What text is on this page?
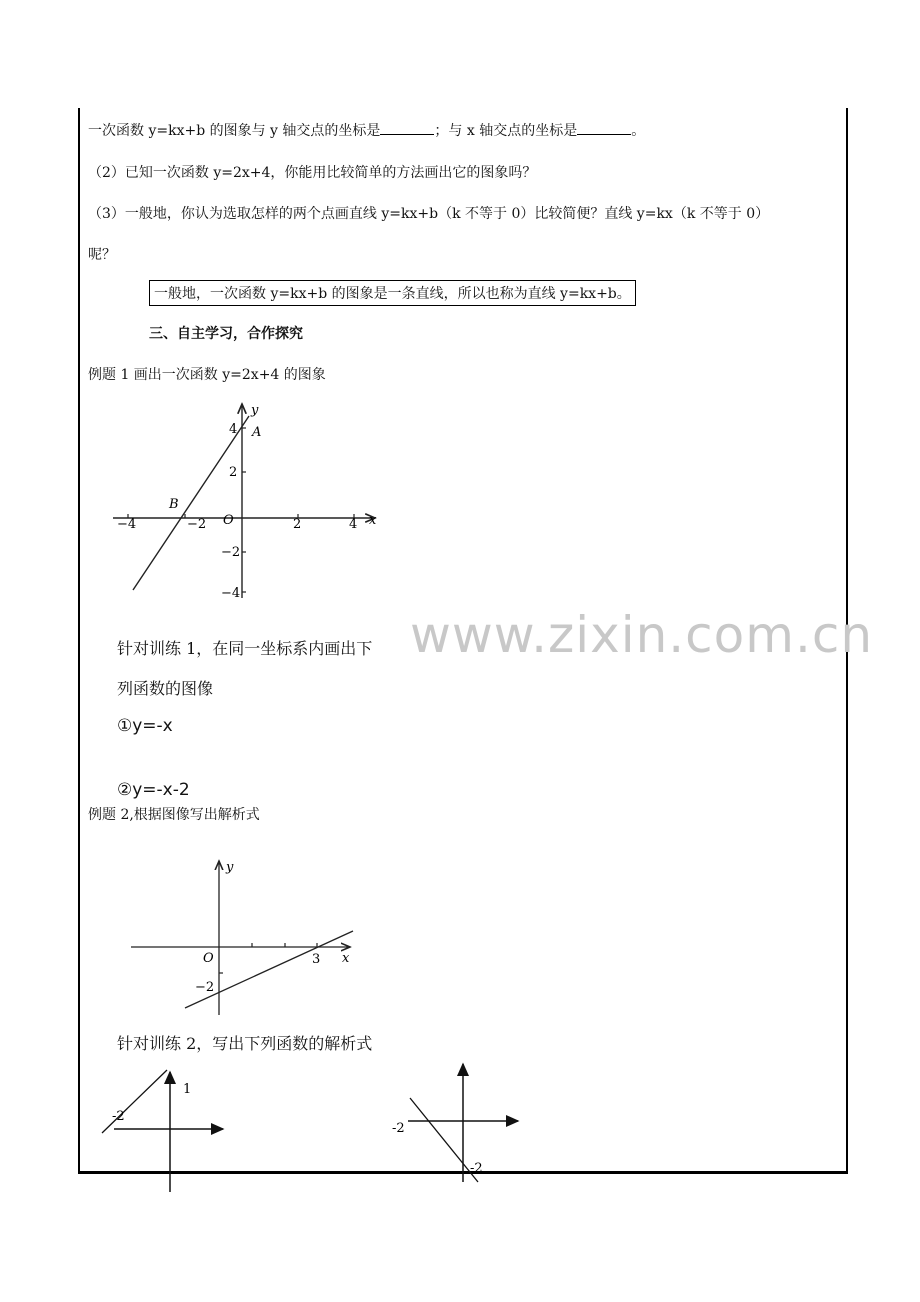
一次函数 y=kx+b 的图象与 y 轴交点的坐标是	；与 x 轴交点的坐标是	。
（2）已知一次函数 y=2x+4，你能用比较简单的方法画出它的图象吗？
（3）一般地，你认为选取怎样的两个点画直线 y=kx+b（k 不等于 0）比较简便？直线 y=kx（k 不等于 0）
呢？
一般地，一次函数 y=kx+b 的图象是一条直线，所以也称为直线 y=kx+b。
三、自主学习，合作探究
例题 1 画出一次函数 y=2x+4 的图象
−4	−2	2	4
4
2
−2
−4
O	x
y
A
B
www.zixin.com.cn
针对训练 1，在同一坐标系内画出下
列函数的图像
①y=-x
②y=-x-2
例题 2,根据图像写出解析式
O	x
y
3
−2
针对训练 2，写出下列函数的解析式
1
-2
-2
-2
